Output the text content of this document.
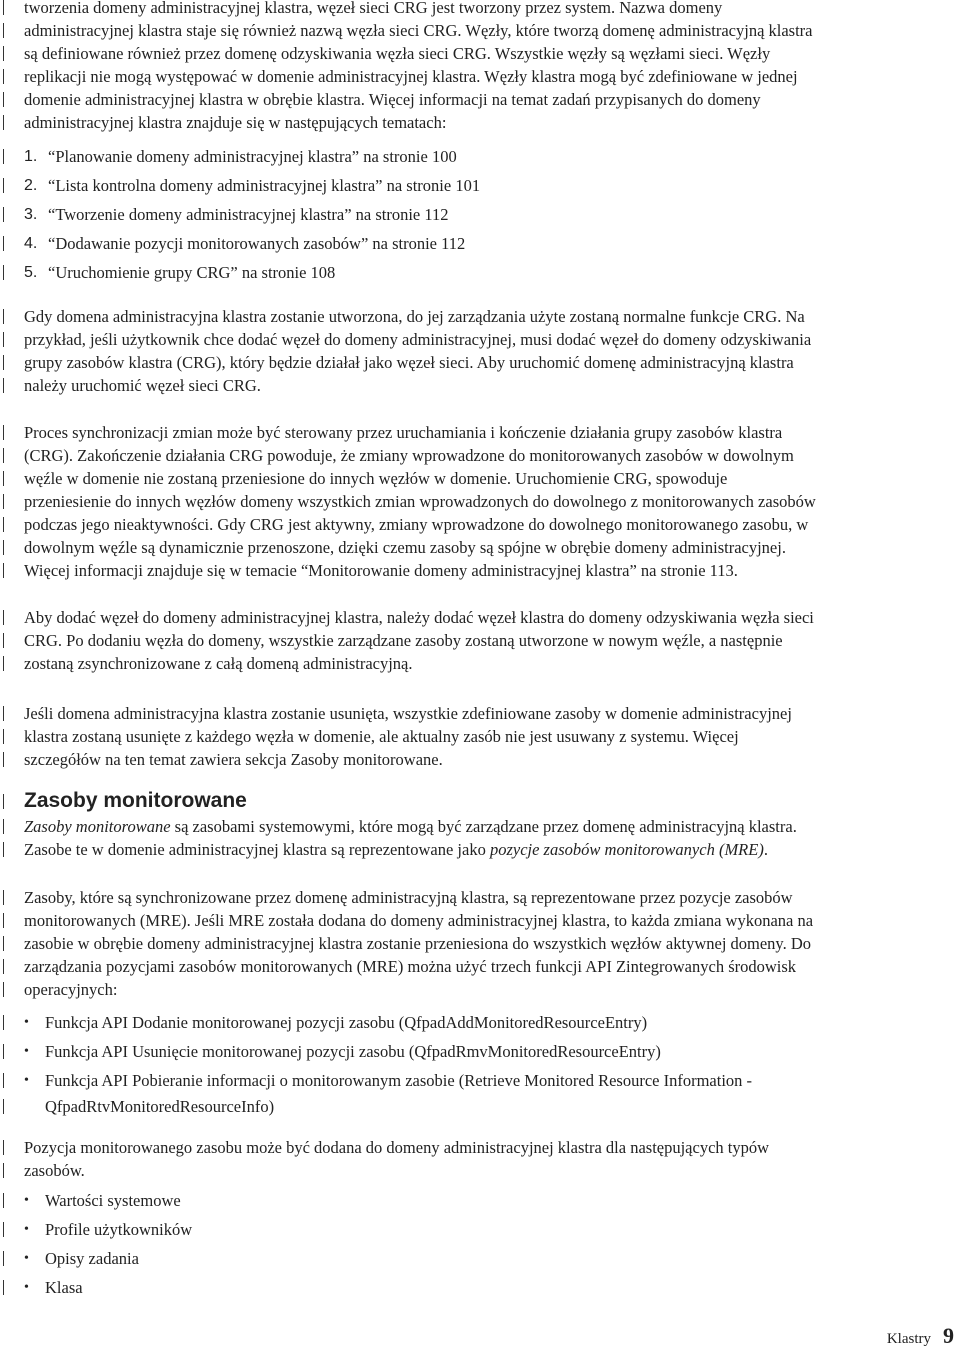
tworzenia domeny administracyjnej klastra, węzeł sieci CRG jest tworzony przez system. Nazwa domeny
administracyjnej klastra staje się również nazwą węzła sieci CRG. Węzły, które tworzą domenę administracyjną klastra
są definiowane również przez domenę odzyskiwania węzła sieci CRG. Wszystkie węzły są węzłami sieci. Węzły
replikacji nie mogą występować w domenie administracyjnej klastra. Węzły klastra mogą być zdefiniowane w jednej
domenie administracyjnej klastra w obrębie klastra. Więcej informacji na temat zadań przypisanych do domeny
administracyjnej klastra znajduje się w następujących tematach:
1. “Planowanie domeny administracyjnej klastra” na stronie 100
2. “Lista kontrolna domeny administracyjnej klastra” na stronie 101
3. “Tworzenie domeny administracyjnej klastra” na stronie 112
4. “Dodawanie pozycji monitorowanych zasobów” na stronie 112
5. “Uruchomienie grupy CRG” na stronie 108
Gdy domena administracyjna klastra zostanie utworzona, do jej zarządzania użyte zostaną normalne funkcje CRG. Na
przykład, jeśli użytkownik chce dodać węzeł do domeny administracyjnej, musi dodać węzeł do domeny odzyskiwania
grupy zasobów klastra (CRG), który będzie działał jako węzeł sieci. Aby uruchomić domenę administracyjną klastra
należy uruchomić węzeł sieci CRG.
Proces synchronizacji zmian może być sterowany przez uruchamiania i kończenie działania grupy zasobów klastra
(CRG). Zakończenie działania CRG powoduje, że zmiany wprowadzone do monitorowanych zasobów w dowolnym
węźle w domenie nie zostaną przeniesione do innych węzłów w domenie. Uruchomienie CRG, spowoduje
przeniesienie do innych węzłów domeny wszystkich zmian wprowadzonych do dowolnego z monitorowanych zasobów
podczas jego nieaktywności. Gdy CRG jest aktywny, zmiany wprowadzone do dowolnego monitorowanego zasobu, w
dowolnym węźle są dynamicznie przenoszone, dzięki czemu zasoby są spójne w obrębie domeny administracyjnej.
Więcej informacji znajduje się w temacie “Monitorowanie domeny administracyjnej klastra” na stronie 113.
Aby dodać węzeł do domeny administracyjnej klastra, należy dodać węzeł klastra do domeny odzyskiwania węzła sieci
CRG. Po dodaniu węzła do domeny, wszystkie zarządzane zasoby zostaną utworzone w nowym węźle, a następnie
zostaną zsynchronizowane z całą domeną administracyjną.
Jeśli domena administracyjna klastra zostanie usunięta, wszystkie zdefiniowane zasoby w domenie administracyjnej
klastra zostaną usunięte z każdego węzła w domenie, ale aktualny zasób nie jest usuwany z systemu. Więcej
szczegółów na ten temat zawiera sekcja Zasoby monitorowane.
Zasoby monitorowane
Zasoby monitorowane są zasobami systemowymi, które mogą być zarządzane przez domenę administracyjną klastra.
Zasobe te w domenie administracyjnej klastra są reprezentowane jako pozycje zasobów monitorowanych (MRE).
Zasoby, które są synchronizowane przez domenę administracyjną klastra, są reprezentowane przez pozycje zasobów
monitorowanych (MRE). Jeśli MRE została dodana do domeny administracyjnej klastra, to każda zmiana wykonana na
zasobie w obrębie domeny administracyjnej klastra zostanie przeniesiona do wszystkich węzłów aktywnej domeny. Do
zarządzania pozycjami zasobów monitorowanych (MRE) można użyć trzech funkcji API Zintegrowanych środowisk
operacyjnych:
• Funkcja API Dodanie monitorowanej pozycji zasobu (QfpadAddMonitoredResourceEntry)
• Funkcja API Usunięcie monitorowanej pozycji zasobu (QfpadRmvMonitoredResourceEntry)
• Funkcja API Pobieranie informacji o monitorowanym zasobie (Retrieve Monitored Resource Information -
QfpadRtvMonitoredResourceInfo)
Pozycja monitorowanego zasobu może być dodana do domeny administracyjnej klastra dla następujących typów
zasobów.
• Wartości systemowe
• Profile użytkowników
• Opisy zadania
• Klasa
Klastry 9
